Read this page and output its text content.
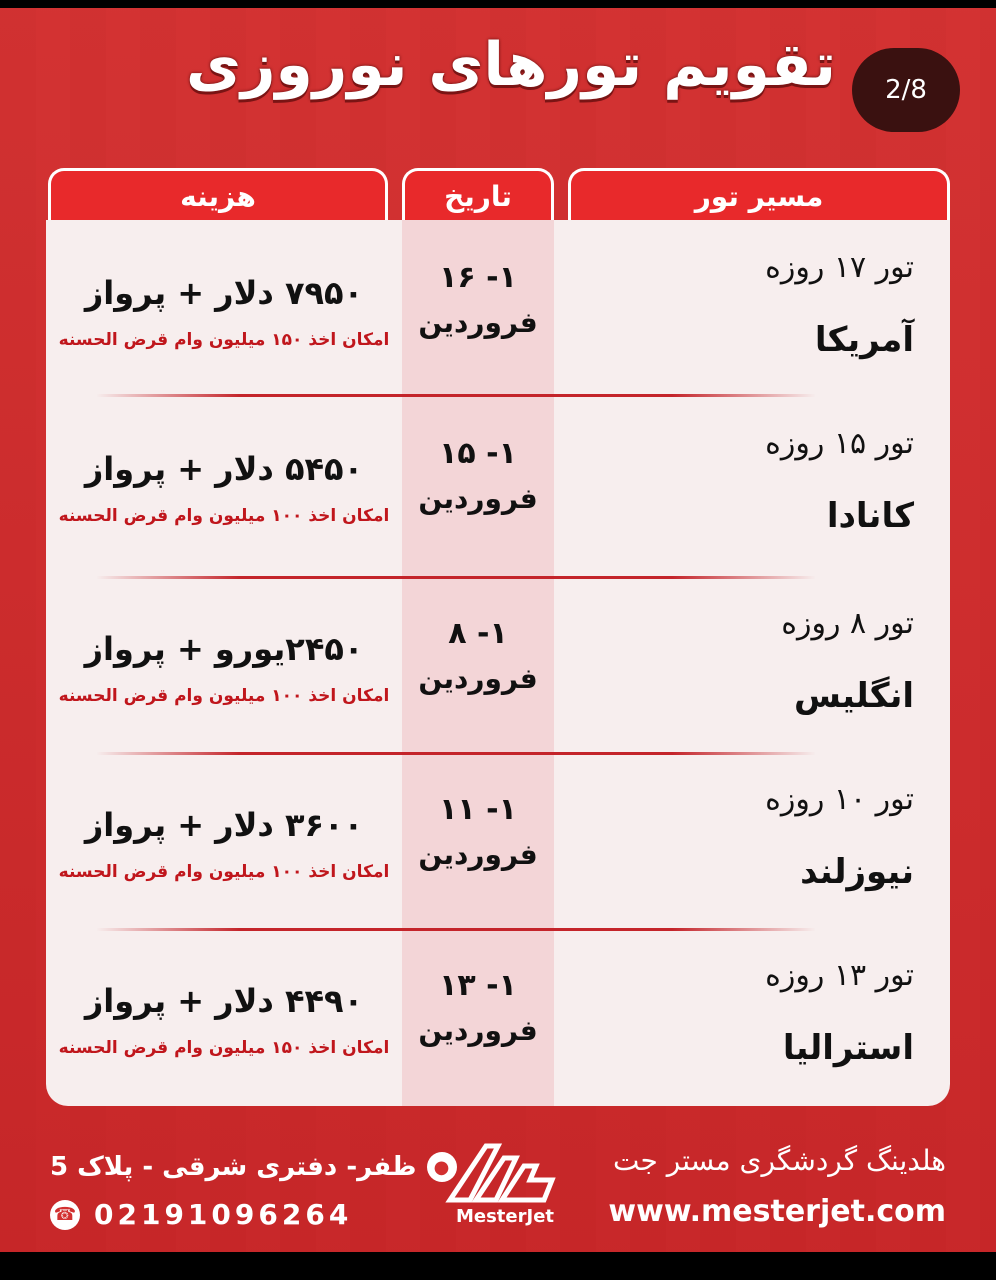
2/8
تقویم تورهای نوروزی
مسیر تور
تاریخ
هزینه
تور ۱۷ روزه
آمریکا
۱- ۱۶
فروردین
۷۹۵۰ دلار + پرواز
امکان اخذ ۱۵۰ میلیون وام قرض الحسنه
تور ۱۵ روزه
کانادا
۱- ۱۵
فروردین
۵۴۵۰ دلار + پرواز
امکان اخذ ۱۰۰ میلیون وام قرض الحسنه
تور ۸ روزه
انگلیس
۱- ۸
فروردین
۲۴۵۰یورو + پرواز
امکان اخذ ۱۰۰ میلیون وام قرض الحسنه
تور ۱۰ روزه
نیوزلند
۱- ۱۱
فروردین
۳۶۰۰ دلار + پرواز
امکان اخذ ۱۰۰ میلیون وام قرض الحسنه
تور ۱۳ روزه
استرالیا
۱- ۱۳
فروردین
۴۴۹۰ دلار + پرواز
امکان اخذ ۱۵۰ میلیون وام قرض الحسنه
●
ظفر- دفتری شرقی - پلاک 5
☎ 02191096264	MesterJet
هلدینگ گردشگری مستر جت
www.mesterjet.com
